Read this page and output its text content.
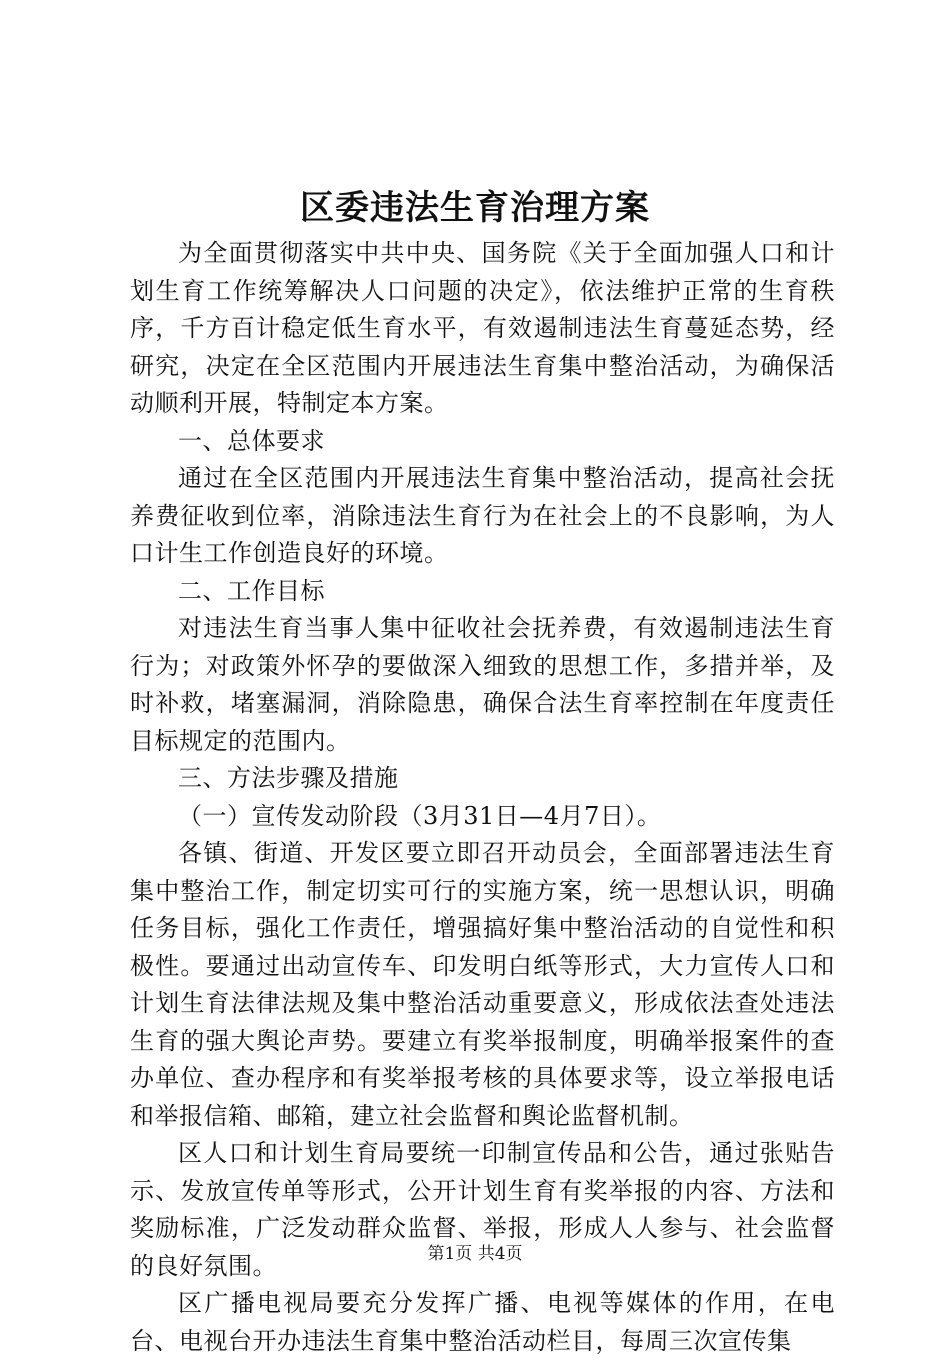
区委违法生育治理方案

为全面贯彻落实中共中央、国务院《关于全面加强人口和计划生育工作统筹解决人口问题的决定》，依法维护正常的生育秩序，千方百计稳定低生育水平，有效遏制违法生育蔓延态势，经研究，决定在全区范围内开展违法生育集中整治活动，为确保活动顺利开展，特制定本方案。

一、总体要求

通过在全区范围内开展违法生育集中整治活动，提高社会抚养费征收到位率，消除违法生育行为在社会上的不良影响，为人口计生工作创造良好的环境。

二、工作目标

对违法生育当事人集中征收社会抚养费，有效遏制违法生育行为；对政策外怀孕的要做深入细致的思想工作，多措并举，及时补救，堵塞漏洞，消除隐患，确保合法生育率控制在年度责任目标规定的范围内。

三、方法步骤及措施

（一）宣传发动阶段（3月31日—4月7日）。

各镇、街道、开发区要立即召开动员会，全面部署违法生育集中整治工作，制定切实可行的实施方案，统一思想认识，明确任务目标，强化工作责任，增强搞好集中整治活动的自觉性和积极性。要通过出动宣传车、印发明白纸等形式，大力宣传人口和计划生育法律法规及集中整治活动重要意义，形成依法查处违法生育的强大舆论声势。要建立有奖举报制度，明确举报案件的查办单位、查办程序和有奖举报考核的具体要求等，设立举报电话和举报信箱、邮箱，建立社会监督和舆论监督机制。

区人口和计划生育局要统一印制宣传品和公告，通过张贴告示、发放宣传单等形式，公开计划生育有奖举报的内容、方法和奖励标准，广泛发动群众监督、举报，形成人人参与、社会监督的良好氛围。

区广播电视局要充分发挥广播、电视等媒体的作用，在电台、电视台开办违法生育集中整治活动栏目，每周三次宣传集

第1页 共4页
